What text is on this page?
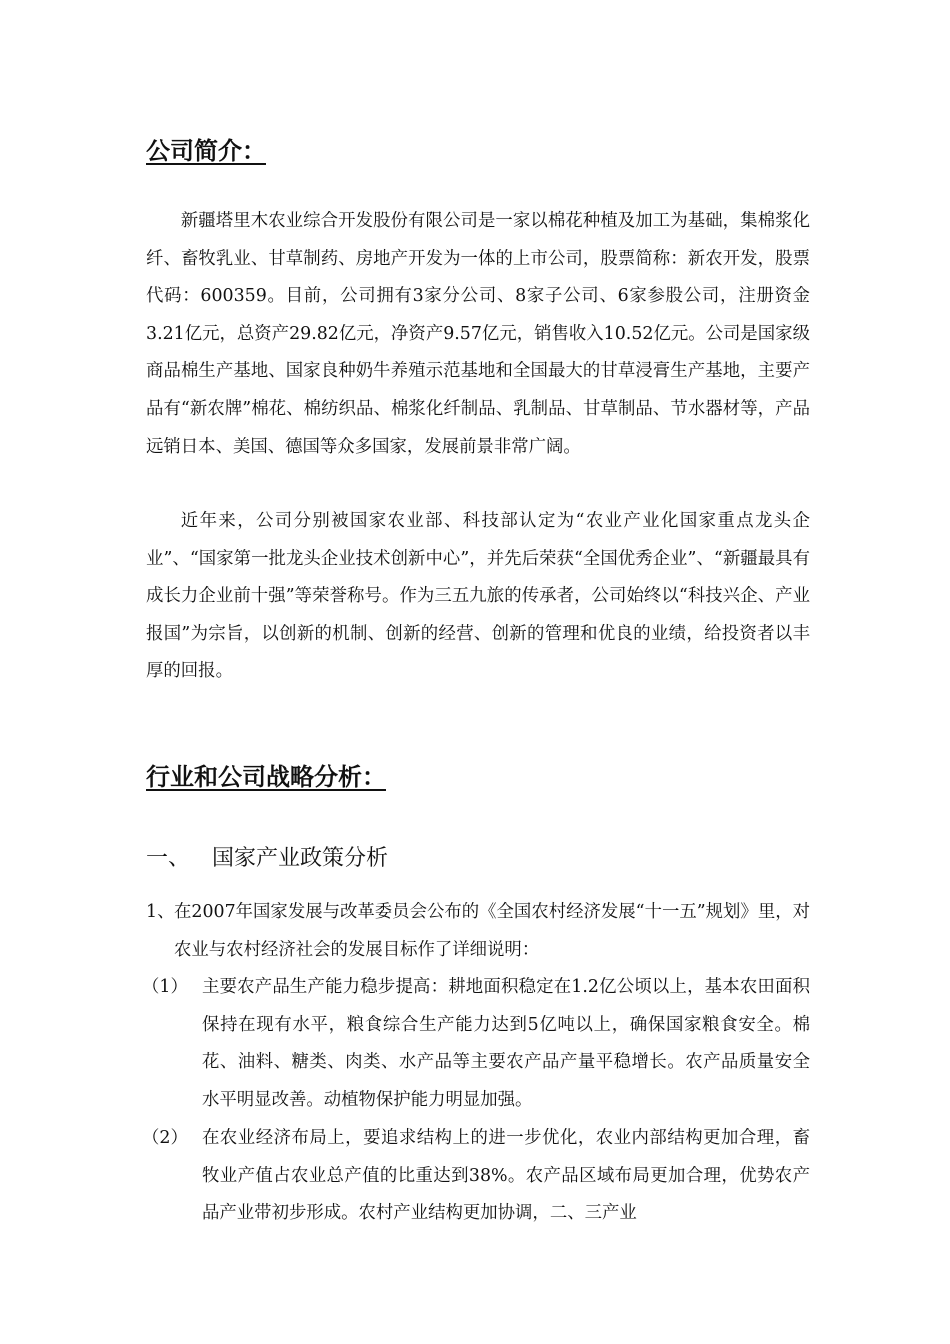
公司简介：

新疆塔里木农业综合开发股份有限公司是一家以棉花种植及加工为基础，集棉浆化纤、畜牧乳业、甘草制药、房地产开发为一体的上市公司，股票简称：新农开发，股票代码：600359。目前，公司拥有3家分公司、8家子公司、6家参股公司，注册资金3.21亿元，总资产29.82亿元，净资产9.57亿元，销售收入10.52亿元。公司是国家级商品棉生产基地、国家良种奶牛养殖示范基地和全国最大的甘草浸膏生产基地，主要产品有“新农牌”棉花、棉纺织品、棉浆化纤制品、乳制品、甘草制品、节水器材等，产品远销日本、美国、德国等众多国家，发展前景非常广阔。

近年来，公司分别被国家农业部、科技部认定为“农业产业化国家重点龙头企业”、“国家第一批龙头企业技术创新中心”，并先后荣获“全国优秀企业”、“新疆最具有成长力企业前十强”等荣誉称号。作为三五九旅的传承者，公司始终以“科技兴企、产业报国”为宗旨，以创新的机制、创新的经营、创新的管理和优良的业绩，给投资者以丰厚的回报。

行业和公司战略分析：
一、 国家产业政策分析
1、 在2007年国家发展与改革委员会公布的《全国农村经济发展“十一五”规划》里，对农业与农村经济社会的发展目标作了详细说明：
（1） 主要农产品生产能力稳步提高：耕地面积稳定在1.2亿公顷以上，基本农田面积保持在现有水平，粮食综合生产能力达到5亿吨以上，确保国家粮食安全。棉花、油料、糖类、肉类、水产品等主要农产品产量平稳增长。农产品质量安全水平明显改善。动植物保护能力明显加强。
（2） 在农业经济布局上，要追求结构上的进一步优化，农业内部结构更加合理，畜牧业产值占农业总产值的比重达到38%。农产品区域布局更加合理，优势农产品产业带初步形成。农村产业结构更加协调，二、三产业
